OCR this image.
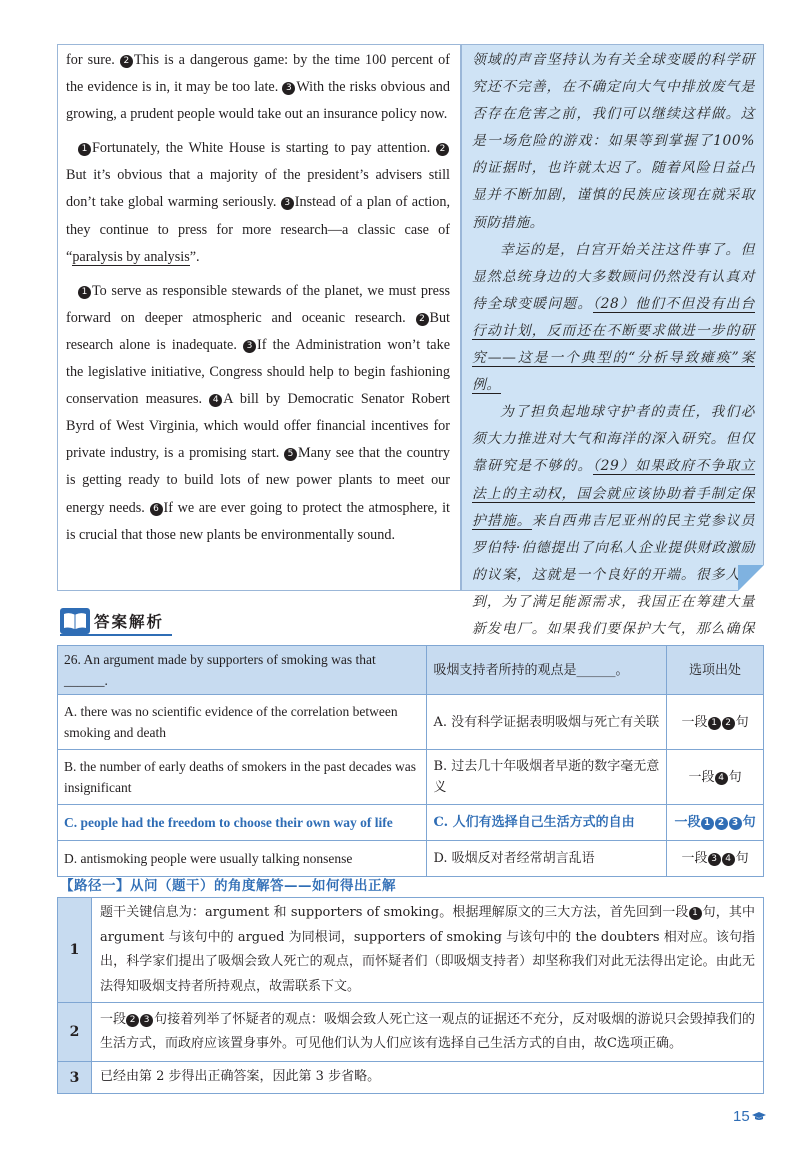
for sure. 2 This is a dangerous game: by the time 100 percent of the evidence is in, it may be too late. 3 With the risks obvious and growing, a prudent people would take out an insurance policy now.

1 Fortunately, the White House is starting to pay attention. 2But it’s obvious that a majority of the president’s advisers still don’t take global warming seriously. 3 Instead of a plan of action, they continue to press for more research—a classic case of “paralysis by analysis”.

1 To serve as responsible stewards of the planet, we must press forward on deeper atmospheric and oceanic research. 2 But research alone is inadequate. 3 If the Administration won’t take the legislative initiative, Congress should help to begin fashioning conservation measures. 4 A bill by Democratic Senator Robert Byrd of West Virginia, which would offer financial incentives for private industry, is a promising start. 5 Many see that the country is getting ready to build lots of new power plants to meet our energy needs. 6 If we are ever going to protect the atmosphere, it is crucial that those new plants be environmentally sound.

领域的声音坚持认为有关全球变暖的科学研究还不完善，在不确定向大气中排放废气是否存在危害之前，我们可以继续这样做。这是一场危险的游戏：如果等到掌握了100%的证据时，也许就太迟了。随着风险日益凸显并不断加剧，谨慎的民族应该现在就采取预防措施。

幸运的是，白宫开始关注这件事了。但显然总统身边的大多数顾问仍然没有认真对待全球变暖问题。（28）他们不但没有出台行动计划，反而还在不断要求做进一步的研究——这是一个典型的“分析导致瘫痪”案例。

为了担负起地球守护者的责任，我们必须大力推进对大气和海洋的深入研究。但仅靠研究是不够的。（29）如果政府不争取立法上的主动权，国会就应该协助着手制定保护措施。来自西弗吉尼亚州的民主党参议员罗伯特·伯德提出了向私人企业提供财政激励的议案，这就是一个良好的开端。很多人看到，为了满足能源需求，我国正在筹建大量新发电厂。如果我们要保护大气，那么确保

答案解析
26. An argument made by supporters of smoking was that ______.	吸烟支持者所持的观点是______。	选项出处
A. there was no scientific evidence of the correlation between smoking and death	A. 没有科学证据表明吸烟与死亡有关联	一段 1 2 句
B. the number of early deaths of smokers in the past decades was insignificant	B. 过去几十年吸烟者早逝的数字毫无意义	一段 4 句
C. people had the freedom to choose their own way of life	C. 人们有选择自己生活方式的自由	一段 1 2 3 句
D. antismoking people were usually talking nonsense	D. 吸烟反对者经常胡言乱语	一段 3 4 句
【路径一】从问（题干）的角度解答——如何得出正解
1	题干关键信息为：argument 和 supporters of smoking。根据理解原文的三大方法，首先回到一段 1 句，其中 argument 与该句中的 argued 为同根词，supporters of smoking 与该句中的 the doubters 相对应。该句指出，科学家们提出了吸烟会致人死亡的观点，而怀疑者们（即吸烟支持者）却坚称我们对此无法得出定论。由此无法得知吸烟支持者所持观点，故需联系下文。
2	一段 2 3 句接着列举了怀疑者的观点：吸烟会致人死亡这一观点的证据还不充分，反对吸烟的游说只会毁掉我们的生活方式，而政府应该置身事外。可见他们认为人们应该有选择自己生活方式的自由，故C选项正确。
3	已经由第 2 步得出正确答案，因此第 3 步省略。
15
